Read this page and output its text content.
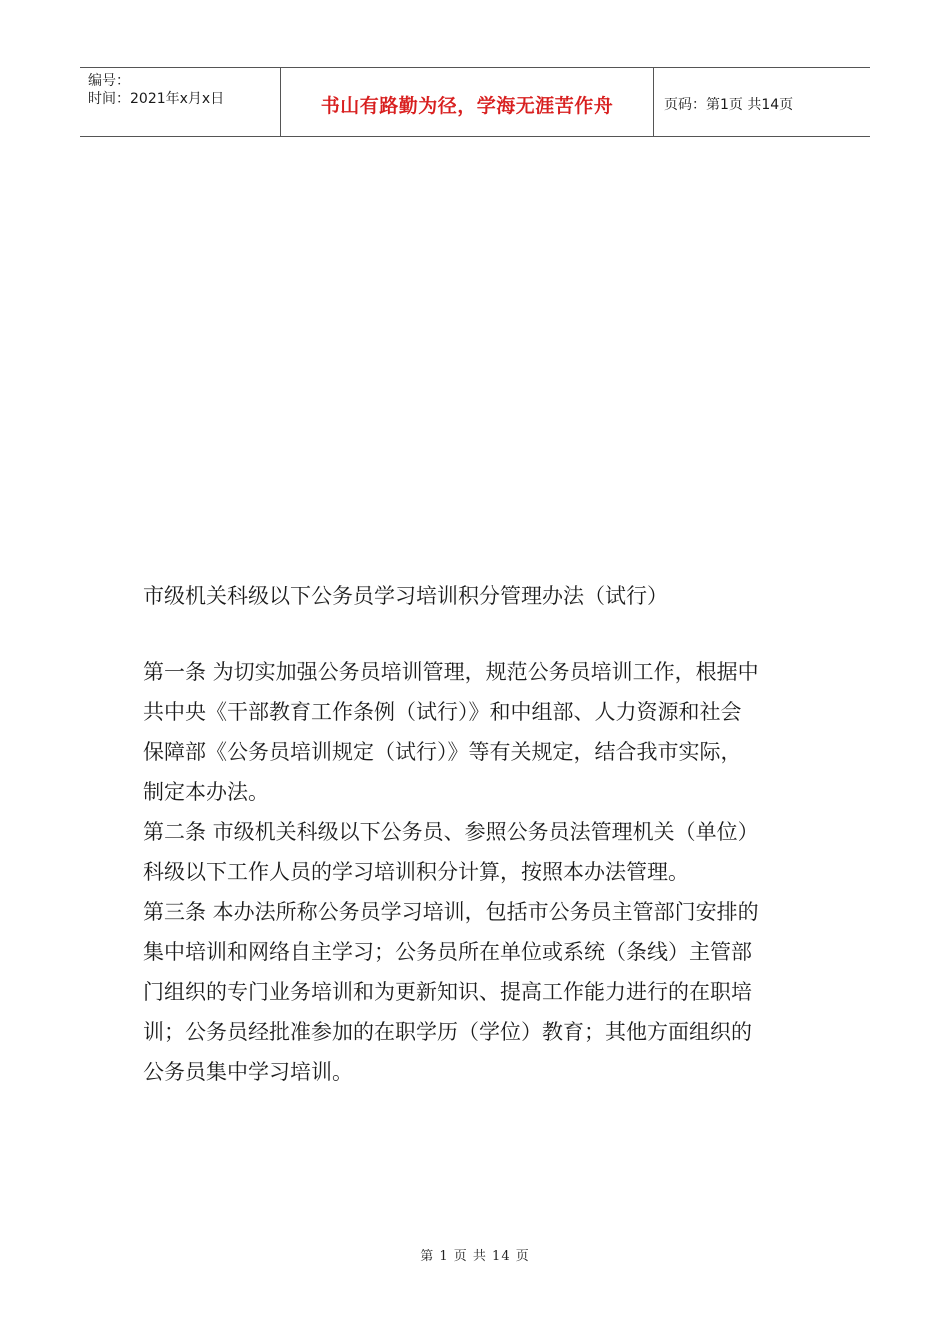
编号：
时间：2021年x月x日	书山有路勤为径，学海无涯苦作舟	页码：第1页 共14页
市级机关科级以下公务员学习培训积分管理办法（试行）

第一条 为切实加强公务员培训管理，规范公务员培训工作，根据中
共中央《干部教育工作条例（试行）》和中组部、人力资源和社会
保障部《公务员培训规定（试行）》等有关规定，结合我市实际，
制定本办法。

第二条 市级机关科级以下公务员、参照公务员法管理机关（单位）
科级以下工作人员的学习培训积分计算，按照本办法管理。

第三条 本办法所称公务员学习培训，包括市公务员主管部门安排的
集中培训和网络自主学习；公务员所在单位或系统（条线）主管部
门组织的专门业务培训和为更新知识、提高工作能力进行的在职培
训；公务员经批准参加的在职学历（学位）教育；其他方面组织的
公务员集中学习培训。

第 1 页 共 14 页
